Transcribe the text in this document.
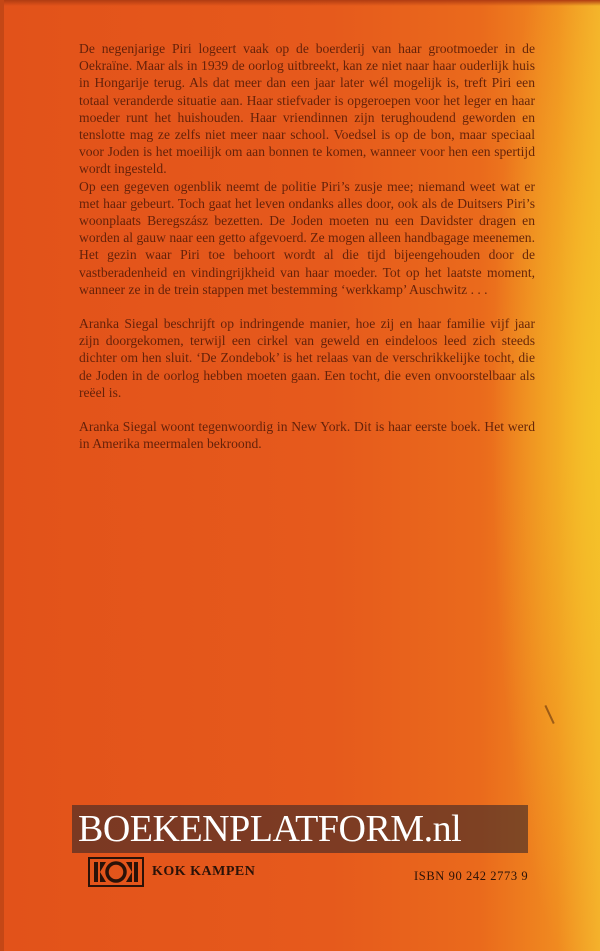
De negenjarige Piri logeert vaak op de boerderij van haar grootmoeder in de Oekraïne. Maar als in 1939 de oorlog uitbreekt, kan ze niet naar haar ouderlijk huis in Hongarije terug. Als dat meer dan een jaar later wél mogelijk is, treft Piri een totaal veranderde situatie aan. Haar stiefvader is opgeroepen voor het leger en haar moeder runt het huishouden. Haar vriendinnen zijn terughoudend geworden en tenslotte mag ze zelfs niet meer naar school. Voedsel is op de bon, maar speciaal voor Joden is het moeilijk om aan bonnen te komen, wanneer voor hen een spertijd wordt ingesteld.

Op een gegeven ogenblik neemt de politie Piri’s zusje mee; niemand weet wat er met haar gebeurt. Toch gaat het leven ondanks alles door, ook als de Duitsers Piri’s woonplaats Beregszász bezetten. De Joden moeten nu een Davidster dragen en worden al gauw naar een getto afgevoerd. Ze mogen alleen handbagage meenemen. Het gezin waar Piri toe behoort wordt al die tijd bijeengehouden door de vastberadenheid en vindingrijkheid van haar moeder. Tot op het laatste moment, wanneer ze in de trein stappen met bestemming ‘werkkamp’ Auschwitz . . .

Aranka Siegal beschrijft op indringende manier, hoe zij en haar familie vijf jaar zijn doorgekomen, terwijl een cirkel van geweld en eindeloos leed zich steeds dichter om hen sluit. ‘De Zondebok’ is het relaas van de verschrikkelijke tocht, die de Joden in de oorlog hebben moeten gaan. Een tocht, die even onvoorstelbaar als reëel is.

Aranka Siegal woont tegenwoordig in New York. Dit is haar eerste boek. Het werd in Amerika meermalen bekroond.

BOEKENPLATFORM.nl
KOK KAMPEN	ISBN 90 242 2773 9
